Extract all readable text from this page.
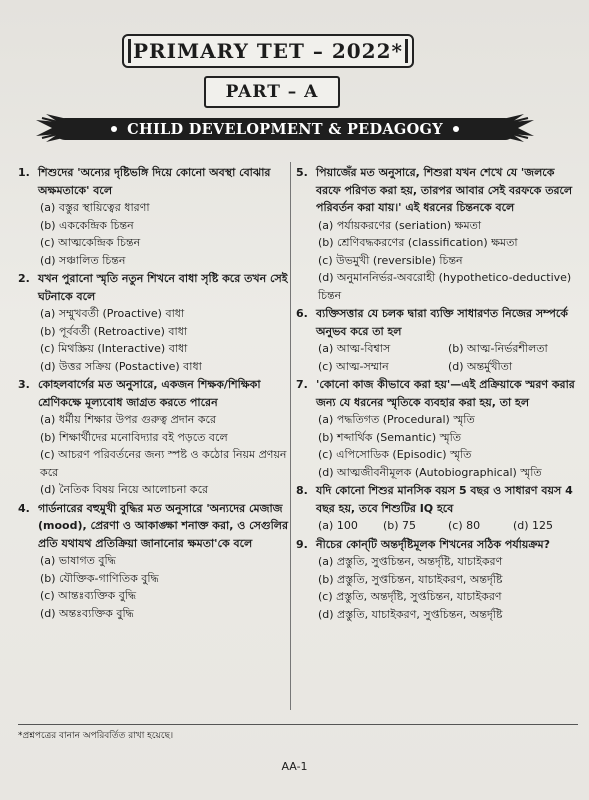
PRIMARY TET – 2022*
PART – A
CHILD DEVELOPMENT & PEDAGOGY
1. শিশুদের 'অন্যের দৃষ্টিভঙ্গি দিয়ে কোনো অবস্থা বোঝার অক্ষমতাকে' বলে
(a) বস্তুর স্থায়িত্বের ধারণা
(b) এককেন্দ্রিক চিন্তন
(c) আত্মকেন্দ্রিক চিন্তন
(d) সঞ্চালিত চিন্তন
2. যখন পুরানো স্মৃতি নতুন শিখনে বাধা সৃষ্টি করে তখন সেই ঘটনাকে বলে
(a) সম্মুখবর্তী (Proactive) বাধা
(b) পূর্ববর্তী (Retroactive) বাধা
(c) মিথস্ক্রিয় (Interactive) বাধা
(d) উত্তর সক্রিয় (Postactive) বাধা
3. কোহলবার্গের মত অনুসারে, একজন শিক্ষক/শিক্ষিকা শ্রেণিকক্ষে মূল্যবোধ জাগ্রত করতে পারেন
(a) ধর্মীয় শিক্ষার উপর গুরুত্ব প্রদান করে
(b) শিক্ষার্থীদের মনোবিদ্যার বই পড়তে বলে
(c) আচরণ পরিবর্তনের জন্য স্পষ্ট ও কঠোর নিয়ম প্রণয়ন করে
(d) নৈতিক বিষয় নিয়ে আলোচনা করে
4. গার্ডনারের বহুমুখী বুদ্ধির মত অনুসারে 'অন্যদের মেজাজ (mood), প্রেরণা ও আকাঙ্ক্ষা শনাক্ত করা, ও সেগুলির প্রতি যথাযথ প্রতিক্রিয়া জানানোর ক্ষমতা'কে বলে
(a) ভাষাগত বুদ্ধি
(b) যৌক্তিক-গাণিতিক বুদ্ধি
(c) আন্তঃব্যক্তিক বুদ্ধি
(d) অন্তঃব্যক্তিক বুদ্ধি
5. পিয়াজেঁর মত অনুসারে, শিশুরা যখন শেখে যে 'জলকে বরফে পরিণত করা হয়, তারপর আবার সেই বরফকে তরলে পরিবর্তন করা যায়।' এই ধরনের চিন্তনকে বলে
(a) পর্যায়করণের (seriation) ক্ষমতা
(b) শ্রেণিবদ্ধকরণের (classification) ক্ষমতা
(c) উভমুখী (reversible) চিন্তন
(d) অনুমাননির্ভর-অবরোহী (hypothetico-deductive) চিন্তন
6. ব্যক্তিসত্তার যে চলক দ্বারা ব্যক্তি সাধারণত নিজের সম্পর্কে অনুভব করে তা হল
(a) আত্ম-বিশ্বাস	(b) আত্ম-নির্ভরশীলতা
(c) আত্ম-সম্মান	(d) অন্তর্মুখীতা
7. 'কোনো কাজ কীভাবে করা হয়'—এই প্রক্রিয়াকে স্মরণ করার জন্য যে ধরনের স্মৃতিকে ব্যবহার করা হয়, তা হল
(a) পদ্ধতিগত (Procedural) স্মৃতি
(b) শব্দার্থিক (Semantic) স্মৃতি
(c) এপিসোডিক (Episodic) স্মৃতি
(d) আত্মজীবনীমূলক (Autobiographical) স্মৃতি
8. যদি কোনো শিশুর মানসিক বয়স 5 বছর ও সাধারণ বয়স 4 বছর হয়, তবে শিশুটির IQ হবে
(a) 100	(b) 75	(c) 80	(d) 125
9. নীচের কোন্‌টি অন্তর্দৃষ্টিমূলক শিখনের সঠিক পর্যায়ক্রম?
(a) প্রস্তুতি, সুপ্তচিন্তন, অন্তর্দৃষ্টি, যাচাইকরণ
(b) প্রস্তুতি, সুপ্তচিন্তন, যাচাইকরণ, অন্তর্দৃষ্টি
(c) প্রস্তুতি, অন্তর্দৃষ্টি, সুপ্তচিন্তন, যাচাইকরণ
(d) প্রস্তুতি, যাচাইকরণ, সুপ্তচিন্তন, অন্তর্দৃষ্টি
*প্রশ্নপত্রের বানান অপরিবর্তিত রাখা হয়েছে।
AA-1
